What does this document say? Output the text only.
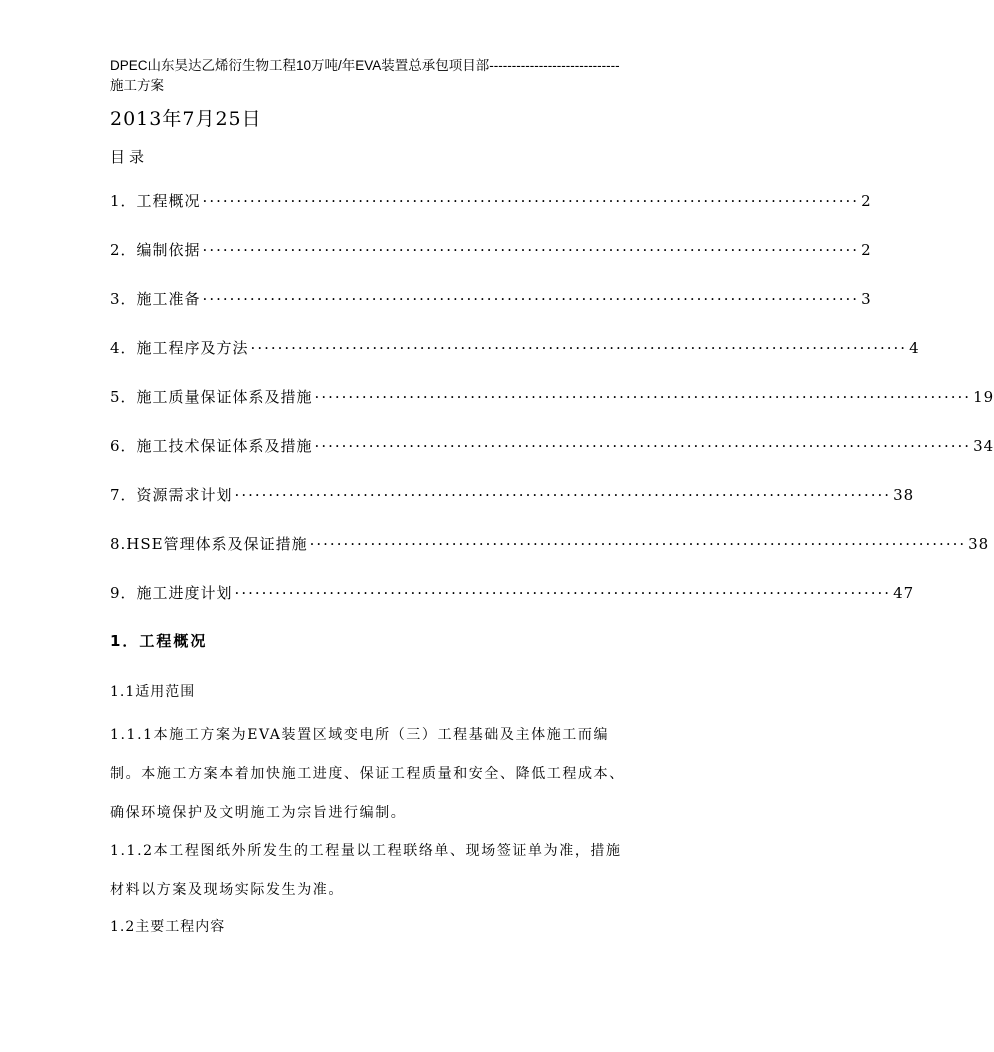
DPEC山东昊达乙烯衍生物工程10万吨/年EVA装置总承包项目部----------------------------- 施工方案
2013年7月25日
目录
1．工程概况 ································································································· 2
2．编制依据 ································································································· 2
3．施工准备 ································································································· 3
4．施工程序及方法 ································································································· 4
5．施工质量保证体系及措施 ································································································· 19
6．施工技术保证体系及措施 ································································································· 34
7．资源需求计划 ································································································· 38
8.HSE管理体系及保证措施 ································································································· 38
9．施工进度计划 ································································································· 47
1．工程概况
1.1适用范围
1.1.1本施工方案为EVA装置区域变电所（三）工程基础及主体施工而编制。本施工方案本着加快施工进度、保证工程质量和安全、降低工程成本、确保环境保护及文明施工为宗旨进行编制。
1.1.2本工程图纸外所发生的工程量以工程联络单、现场签证单为准，措施材料以方案及现场实际发生为准。
1.2主要工程内容
